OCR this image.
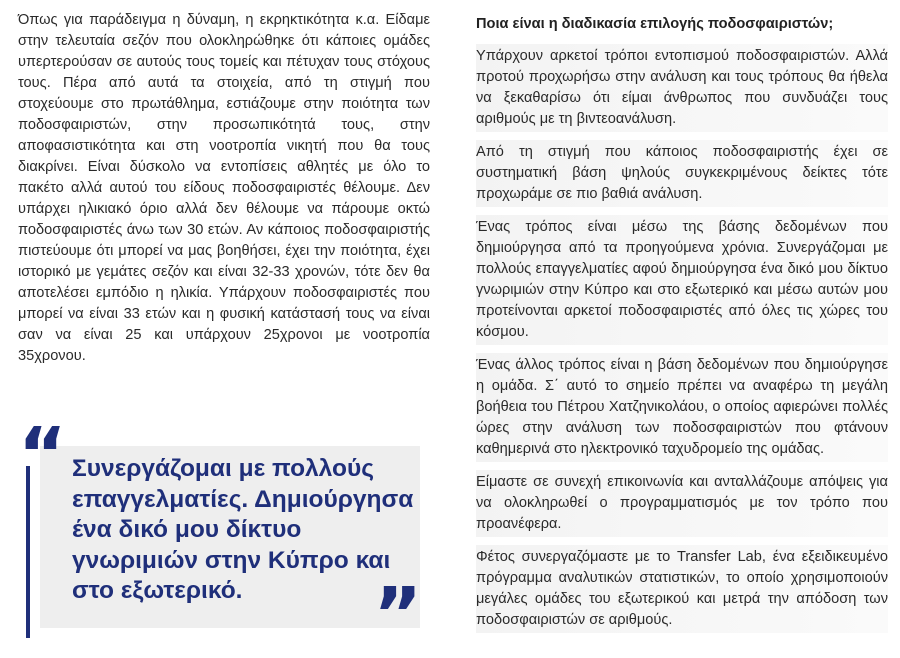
Όπως για παράδειγμα η δύναμη, η εκρηκτικότητα κ.α. Είδαμε στην τελευταία σεζόν που ολοκληρώθηκε ότι κάποιες ομάδες υπερτερούσαν σε αυτούς τους τομείς και πέτυχαν τους στόχους τους. Πέρα από αυτά τα στοιχεία, από τη στιγμή που στοχεύουμε στο πρωτάθλημα, εστιάζουμε στην ποιότητα των ποδοσφαιριστών, στην προσωπικότητά τους, στην αποφασιστικότητα και στη νοοτροπία νικητή που θα τους διακρίνει. Είναι δύσκολο να εντοπίσεις αθλητές με όλο το πακέτο αλλά αυτού του είδους ποδοσφαιριστές θέλουμε. Δεν υπάρχει ηλικιακό όριο αλλά δεν θέλουμε να πάρουμε οκτώ ποδοσφαιριστές άνω των 30 ετών. Αν κάποιος ποδοσφαιριστής πιστεύουμε ότι μπορεί να μας βοηθήσει, έχει την ποιότητα, έχει ιστορικό με γεμάτες σεζόν και είναι 32-33 χρονών, τότε δεν θα αποτελέσει εμπόδιο η ηλικία. Υπάρχουν ποδοσφαιριστές που μπορεί να είναι 33 ετών και η φυσική κατάστασή τους να είναι σαν να είναι 25 και υπάρχουν 25χρονοι με νοοτροπία 35χρονου.

“ Συνεργάζομαι με πολλούς επαγγελματίες. Δημιούργησα ένα δικό μου δίκτυο γνωριμιών στην Κύπρο και στο εξωτερικό.	”
Ποια είναι η διαδικασία επιλογής ποδοσφαιριστών;

Υπάρχουν αρκετοί τρόποι εντοπισμού ποδοσφαιριστών. Αλλά προτού προχωρήσω στην ανάλυση και τους τρόπους θα ήθελα να ξεκαθαρίσω ότι είμαι άνθρωπος που συνδυάζει τους αριθμούς με τη βιντεοανάλυση.

Από τη στιγμή που κάποιος ποδοσφαιριστής έχει σε συστηματική βάση ψηλούς συγκεκριμένους δείκτες τότε προχωράμε σε πιο βαθιά ανάλυση.

Ένας τρόπος είναι μέσω της βάσης δεδομένων που δημιούργησα από τα προηγούμενα χρόνια. Συνεργάζομαι με πολλούς επαγγελματίες αφού δημιούργησα ένα δικό μου δίκτυο γνωριμιών στην Κύπρο και στο εξωτερικό και μέσω αυτών μου προτείνονται αρκετοί ποδοσφαιριστές από όλες τις χώρες του κόσμου.

Ένας άλλος τρόπος είναι η βάση δεδομένων που δημιούργησε η ομάδα. Σ΄ αυτό το σημείο πρέπει να αναφέρω τη μεγάλη βοήθεια του Πέτρου Χατζηνικολάου, ο οποίος αφιερώνει πολλές ώρες στην ανάλυση των ποδοσφαιριστών που φτάνουν καθημερινά στο ηλεκτρονικό ταχυδρομείο της ομάδας.

Είμαστε σε συνεχή επικοινωνία και ανταλλάζουμε απόψεις για να ολοκληρωθεί ο προγραμματισμός με τον τρόπο που προανέφερα.

Φέτος συνεργαζόμαστε με το Transfer Lab, ένα εξειδικευμένο πρόγραμμα αναλυτικών στατιστικών, το οποίο χρησιμοποιούν μεγάλες ομάδες του εξωτερικού και μετρά την απόδοση των ποδοσφαιριστών σε αριθμούς.
